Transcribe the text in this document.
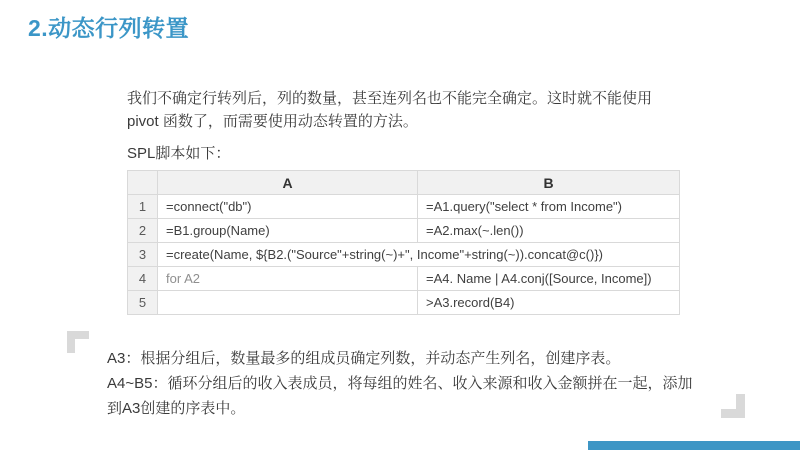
2.动态行列转置
我们不确定行转列后，列的数量，甚至连列名也不能完全确定。这时就不能使用pivot 函数了，而需要使用动态转置的方法。
SPL脚本如下：
	A	B
1	=connect("db")	=A1.query("select * from Income")
2	=B1.group(Name)	=A2.max(~.len())
3	=create(Name, ${B2.("Source"+string(~)+", Income"+string(~)).concat@c()})	
4	for A2	=A4. Name | A4.conj([Source, Income])
5		>A3.record(B4)
A3：根据分组后，数量最多的组成员确定列数，并动态产生列名，创建序表。
A4~B5：循环分组后的收入表成员，将每组的姓名、收入来源和收入金额拼在一起，添加
到A3创建的序表中。
